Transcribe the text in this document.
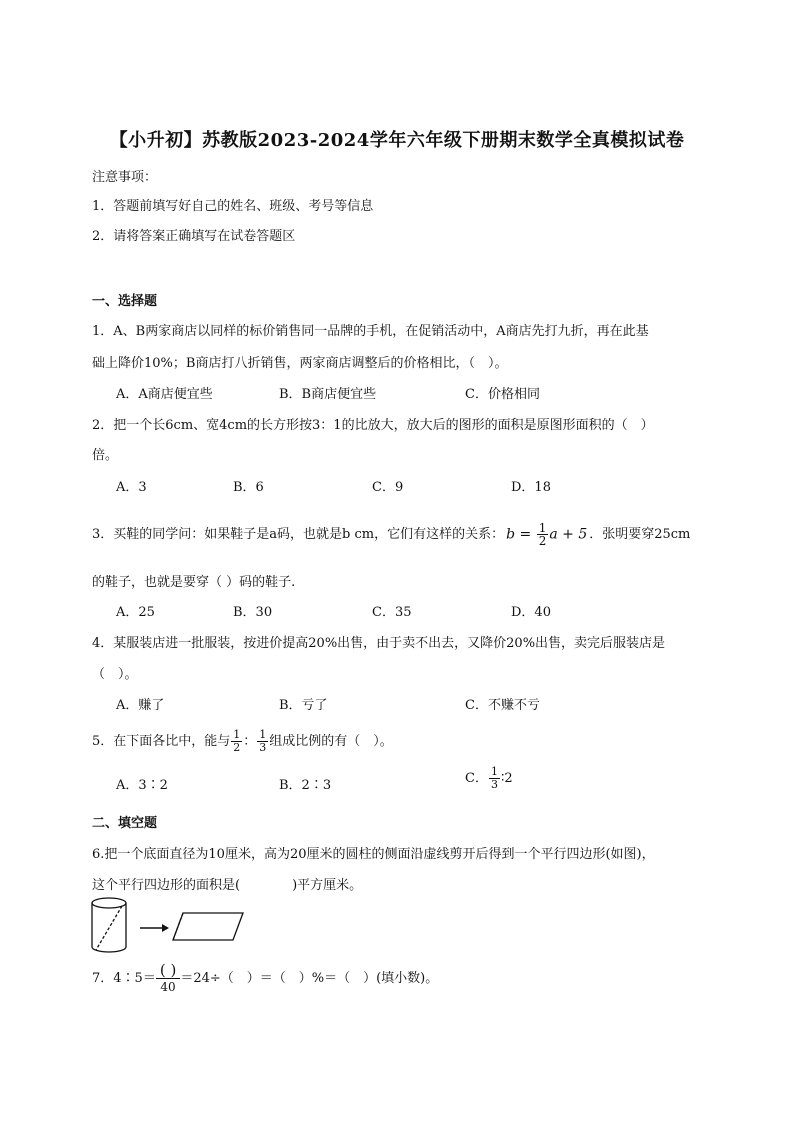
【小升初】苏教版2023-2024学年六年级下册期末数学全真模拟试卷
注意事项：
1．答题前填写好自己的姓名、班级、考号等信息
2．请将答案正确填写在试卷答题区
一、选择题
1．A、B两家商店以同样的标价销售同一品牌的手机，在促销活动中，A商店先打九折，再在此基
础上降价10%；B商店打八折销售，两家商店调整后的价格相比，（　）。
A．A商店便宜些	B．B商店便宜些	C．价格相同
2．把一个长6cm、宽4cm的长方形按3：1的比放大，放大后的图形的面积是原图形面积的（　）
倍。
A．3	B．6	C．9	D．18
3．买鞋的同学问：如果鞋子是a码，也就是b cm，它们有这样的关系： $b = \frac{1}{2}$ a + 5 ．张明要穿25cm
的鞋子，也就是要穿（ ）码的鞋子.
A．25	B．30	C．35	D．40
4．某服装店进一批服装，按进价提高20%出售，由于卖不出去，又降价20%出售，卖完后服装店是
（　）。
A．赚了	B．亏了	C．不赚不亏
5．在下面各比中，能与 $\frac{1}{2}$ ： $\frac{1}{3}$ 组成比例的有（　）。
A．3∶2	B．2∶3	C． $\frac{1}{3}$ ∶2
二、填空题
6.把一个底面直径为10厘米，高为20厘米的圆柱的侧面沿虚线剪开后得到一个平行四边形(如图)，
这个平行四边形的面积是(　　　　)平方厘米。
7．4∶5＝ $\frac{( )}{40} =24\div$（　）＝（　）%＝（　）(填小数)。
